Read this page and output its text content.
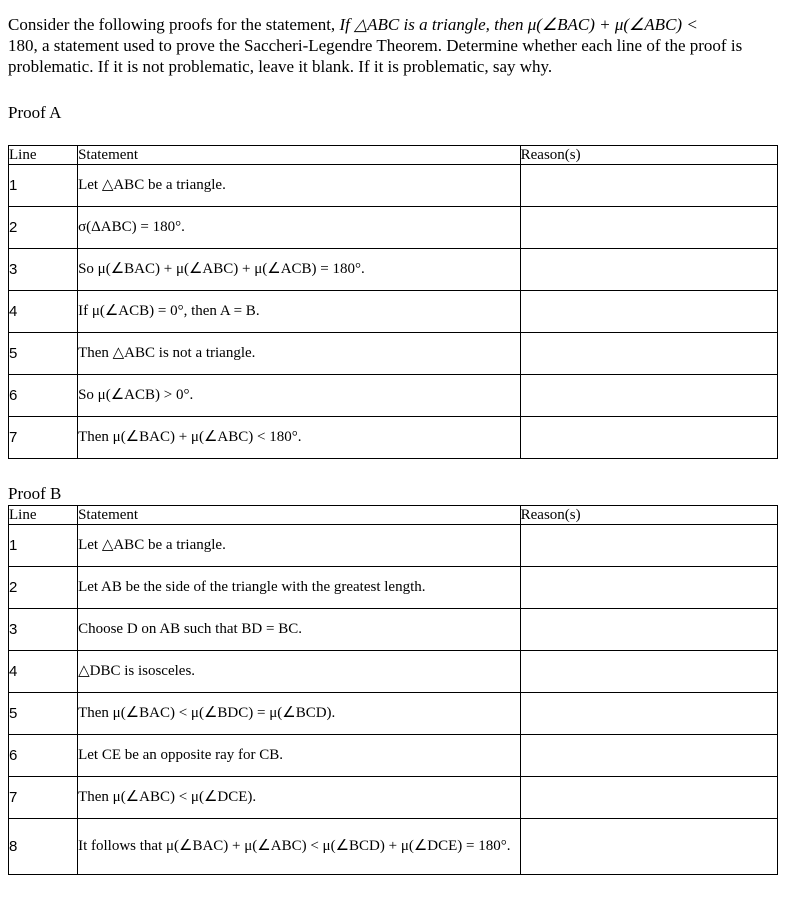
Consider the following proofs for the statement, If △ABC is a triangle, then μ(∠BAC) + μ(∠ABC) <
180, a statement used to prove the Saccheri-Legendre Theorem. Determine whether each line of the proof is problematic. If it is not problematic, leave it blank. If it is problematic, say why.
Proof A
Line	Statement	Reason(s)
1	Let △ABC be a triangle.	
2	σ(ΔABC) = 180°.	
3	So μ(∠BAC) + μ(∠ABC) + μ(∠ACB) = 180°.	
4	If μ(∠ACB) = 0°, then A = B.	
5	Then △ABC is not a triangle.	
6	So μ(∠ACB) > 0°.	
7	Then μ(∠BAC) + μ(∠ABC) < 180°.	
Proof B
Line	Statement	Reason(s)
1	Let △ABC be a triangle.	
2	Let AB be the side of the triangle with the greatest length.	
3	Choose D on AB such that BD = BC.	
4	△DBC is isosceles.	
5	Then μ(∠BAC) < μ(∠BDC) = μ(∠BCD).	
6	Let CE be an opposite ray for CB.	
7	Then μ(∠ABC) < μ(∠DCE).	
8	It follows that μ(∠BAC) + μ(∠ABC) < μ(∠BCD) + μ(∠DCE) = 180°.	
